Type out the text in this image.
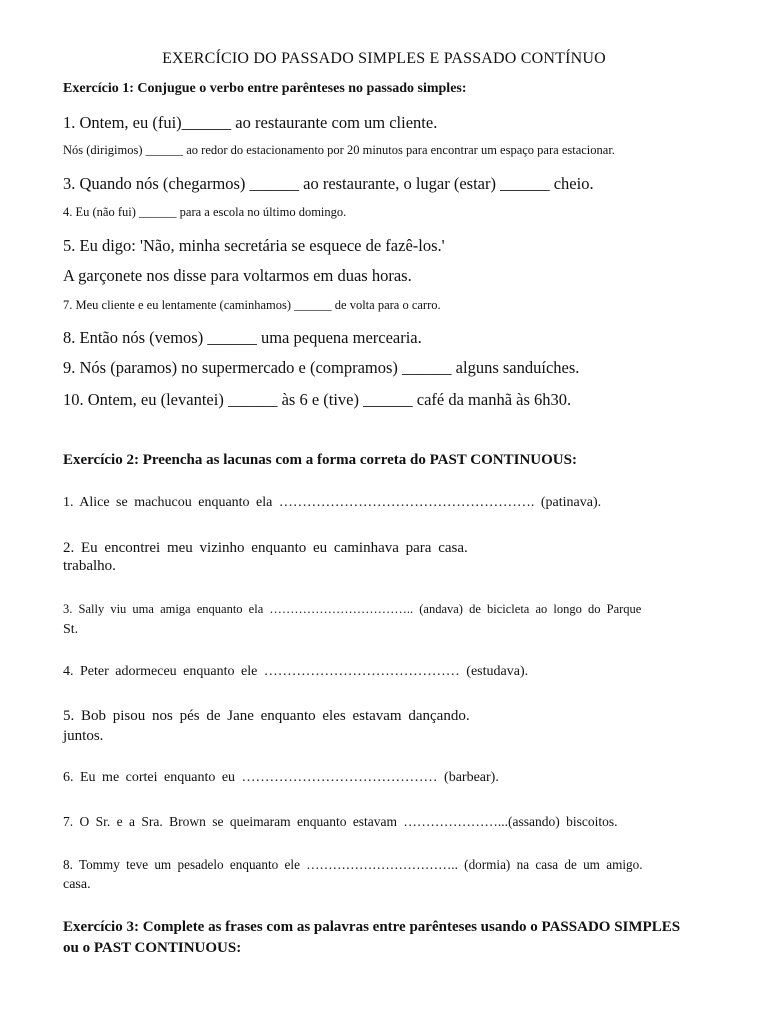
EXERCÍCIO DO PASSADO SIMPLES E PASSADO CONTÍNUO
Exercício 1: Conjugue o verbo entre parênteses no passado simples:
1. Ontem, eu (fui)______ ao restaurante com um cliente.
Nós (dirigimos) ______ ao redor do estacionamento por 20 minutos para encontrar um espaço para estacionar.
3. Quando nós (chegarmos) ______ ao restaurante, o lugar (estar) ______ cheio.
4. Eu (não fui) ______ para a escola no último domingo.
5. Eu digo: 'Não, minha secretária se esquece de fazê-los.'
A garçonete nos disse para voltarmos em duas horas.
7. Meu cliente e eu lentamente (caminhamos) ______ de volta para o carro.
8. Então nós (vemos) ______ uma pequena mercearia.
9. Nós (paramos) no supermercado e (compramos) ______ alguns sanduíches.
10. Ontem, eu (levantei) ______ às 6 e (tive) ______ café da manhã às 6h30.
Exercício 2: Preencha as lacunas com a forma correta do PAST CONTINUOUS:
1. Alice se machucou enquanto ela ………………………………………………. (patinava).
2. Eu encontrei meu vizinho enquanto eu caminhava para casa.
trabalho.
3. Sally viu uma amiga enquanto ela …………………………….. (andava) de bicicleta ao longo do Parque
St.
4. Peter adormeceu enquanto ele …………………………………… (estudava).
5. Bob pisou nos pés de Jane enquanto eles estavam dançando.
juntos.
6. Eu me cortei enquanto eu …………………………………… (barbear).
7. O Sr. e a Sra. Brown se queimaram enquanto estavam …………………...(assando) biscoitos.
8. Tommy teve um pesadelo enquanto ele …………………………….. (dormia) na casa de um amigo.
casa.
Exercício 3: Complete as frases com as palavras entre parênteses usando o PASSADO SIMPLES
ou o PAST CONTINUOUS:
